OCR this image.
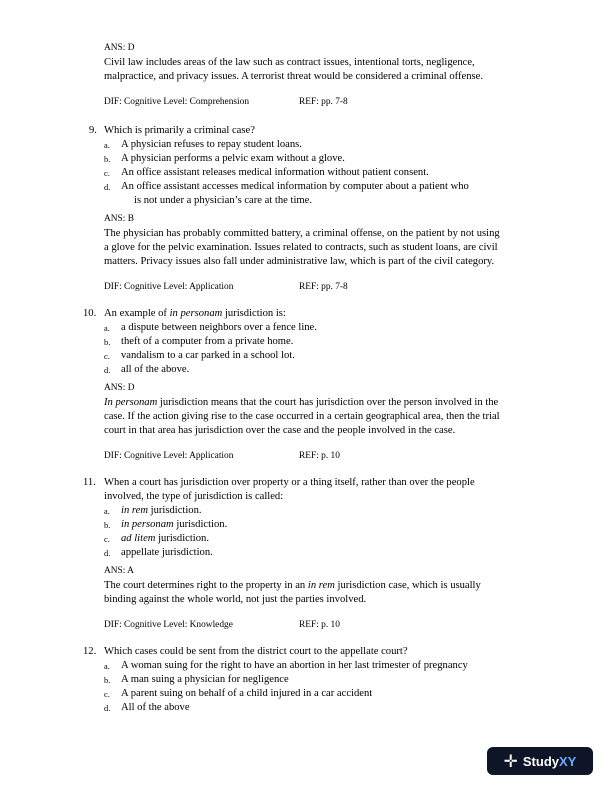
ANS: D
Civil law includes areas of the law such as contract issues, intentional torts, negligence,
malpractice, and privacy issues. A terrorist threat would be considered a criminal offense.
DIF: Cognitive Level: Comprehension	REF: pp. 7-8
9. Which is primarily a criminal case?
a. A physician refuses to repay student loans.
b. A physician performs a pelvic exam without a glove.
c. An office assistant releases medical information without patient consent.
d. An office assistant accesses medical information by computer about a patient who
is not under a physician’s care at the time.
ANS: B
The physician has probably committed battery, a criminal offense, on the patient by not using
a glove for the pelvic examination. Issues related to contracts, such as student loans, are civil
matters. Privacy issues also fall under administrative law, which is part of the civil category.
DIF: Cognitive Level: Application	REF: pp. 7-8
10. An example of in personam jurisdiction is:
a. a dispute between neighbors over a fence line.
b. theft of a computer from a private home.
c. vandalism to a car parked in a school lot.
d. all of the above.
ANS: D
In personam jurisdiction means that the court has jurisdiction over the person involved in the
case. If the action giving rise to the case occurred in a certain geographical area, then the trial
court in that area has jurisdiction over the case and the people involved in the case.
DIF: Cognitive Level: Application	REF: p. 10
11. When a court has jurisdiction over property or a thing itself, rather than over the people
involved, the type of jurisdiction is called:
a. in rem jurisdiction.
b. in personam jurisdiction.
c. ad litem jurisdiction.
d. appellate jurisdiction.
ANS: A
The court determines right to the property in an in rem jurisdiction case, which is usually
binding against the whole world, not just the parties involved.
DIF: Cognitive Level: Knowledge	REF: p. 10
12. Which cases could be sent from the district court to the appellate court?
a. A woman suing for the right to have an abortion in her last trimester of pregnancy
b. A man suing a physician for negligence
c. A parent suing on behalf of a child injured in a car accident
d. All of the above
✛ StudyXY
